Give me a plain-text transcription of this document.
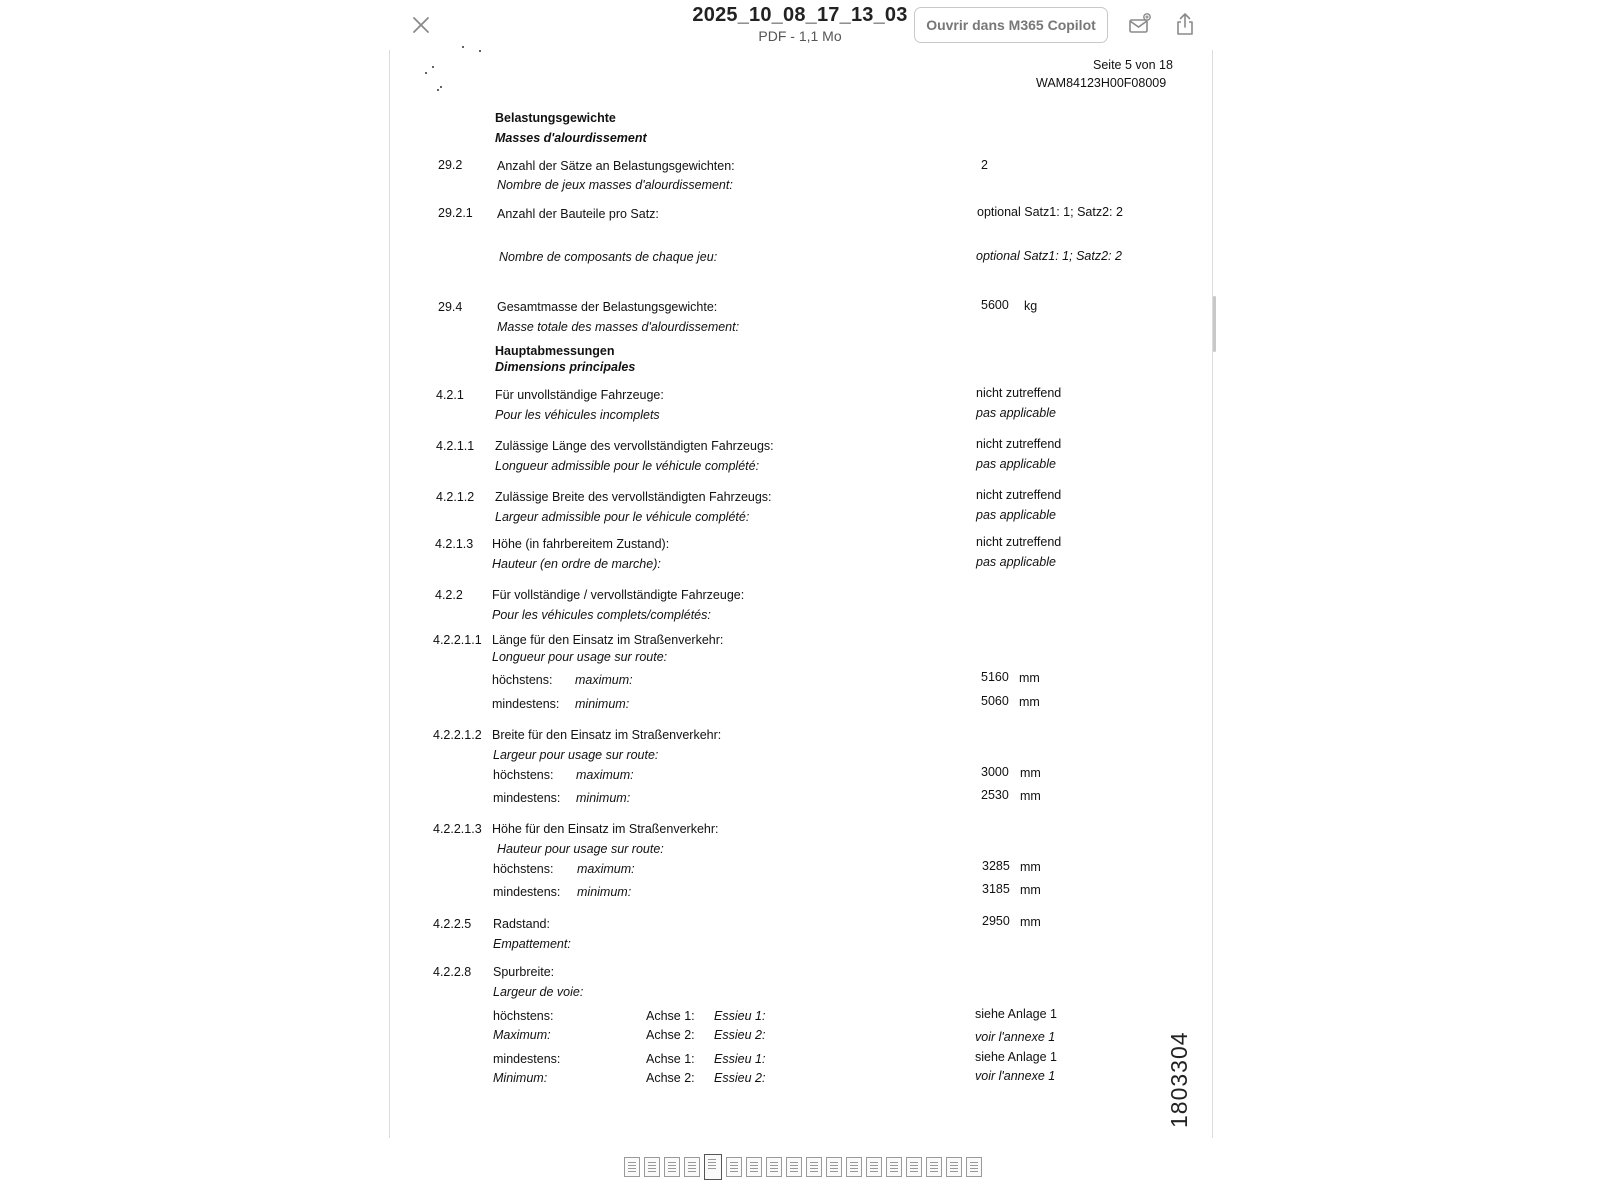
2025_10_08_17_13_03
PDF - 1,1 Mo
Ouvrir dans M365 Copilot
Seite 5 von 18
WAM84123H00F08009
Belastungsgewichte
Masses d'alourdissement
29.2	Anzahl der Sätze an Belastungsgewichten:	2
Nombre de jeux masses d'alourdissement:
29.2.1 Anzahl der Bauteile pro Satz:	optional Satz1: 1; Satz2: 2
Nombre de composants de chaque jeu:	optional Satz1: 1; Satz2: 2
29.4	Gesamtmasse der Belastungsgewichte:	5600 kg
Masse totale des masses d'alourdissement:
Hauptabmessungen
Dimensions principales
4.2.1 Für unvollständige Fahrzeuge:	nicht zutreffend
Pour les véhicules incomplets	pas applicable
4.2.1.1 Zulässige Länge des vervollständigten Fahrzeugs:	nicht zutreffend
Longueur admissible pour le véhicule complété:	pas applicable
4.2.1.2 Zulässige Breite des vervollständigten Fahrzeugs:	nicht zutreffend
Largeur admissible pour le véhicule complété:	pas applicable
4.2.1.3 Höhe (in fahrbereitem Zustand):	nicht zutreffend
Hauteur (en ordre de marche):	pas applicable
4.2.2 Für vollständige / vervollständigte Fahrzeuge:
Pour les véhicules complets/complétés:
4.2.2.1.1 Länge für den Einsatz im Straßenverkehr:
Longueur pour usage sur route:
höchstens: maximum:	5160 mm
mindestens: minimum:	5060 mm
4.2.2.1.2 Breite für den Einsatz im Straßenverkehr:
Largeur pour usage sur route:
höchstens: maximum:	3000 mm
mindestens: minimum:	2530 mm
4.2.2.1.3 Höhe für den Einsatz im Straßenverkehr:
Hauteur pour usage sur route:
höchstens: maximum:	3285 mm
mindestens: minimum:	3185 mm
4.2.2.5 Radstand:	2950 mm
Empattement:
4.2.2.8 Spurbreite:
Largeur de voie:
höchstens:	Achse 1: Essieu 1:	siehe Anlage 1
Maximum:	Achse 2: Essieu 2:	voir l'annexe 1
mindestens:	Achse 1: Essieu 1:	siehe Anlage 1
Minimum:	Achse 2: Essieu 2:	voir l'annexe 1	1803304
